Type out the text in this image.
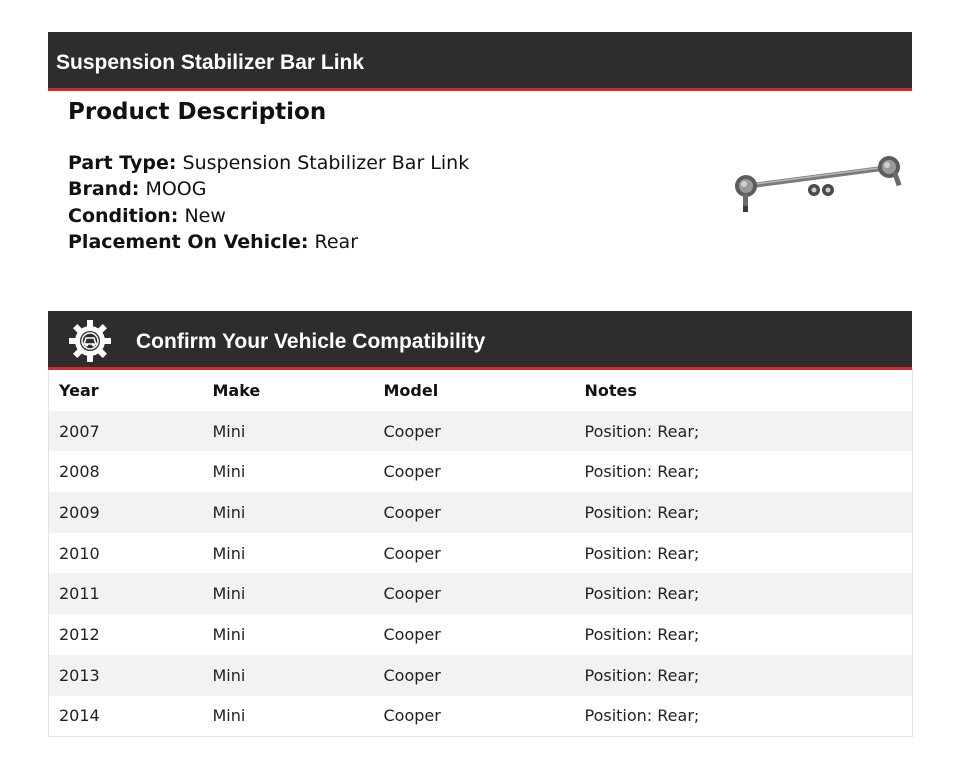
Suspension Stabilizer Bar Link
Product Description
Part Type: Suspension Stabilizer Bar Link
Brand: MOOG
Condition: New
Placement On Vehicle: Rear
Confirm Your Vehicle Compatibility
Year	Make	Model	Notes
2007	Mini	Cooper	Position: Rear;
2008	Mini	Cooper	Position: Rear;
2009	Mini	Cooper	Position: Rear;
2010	Mini	Cooper	Position: Rear;
2011	Mini	Cooper	Position: Rear;
2012	Mini	Cooper	Position: Rear;
2013	Mini	Cooper	Position: Rear;
2014	Mini	Cooper	Position: Rear;
